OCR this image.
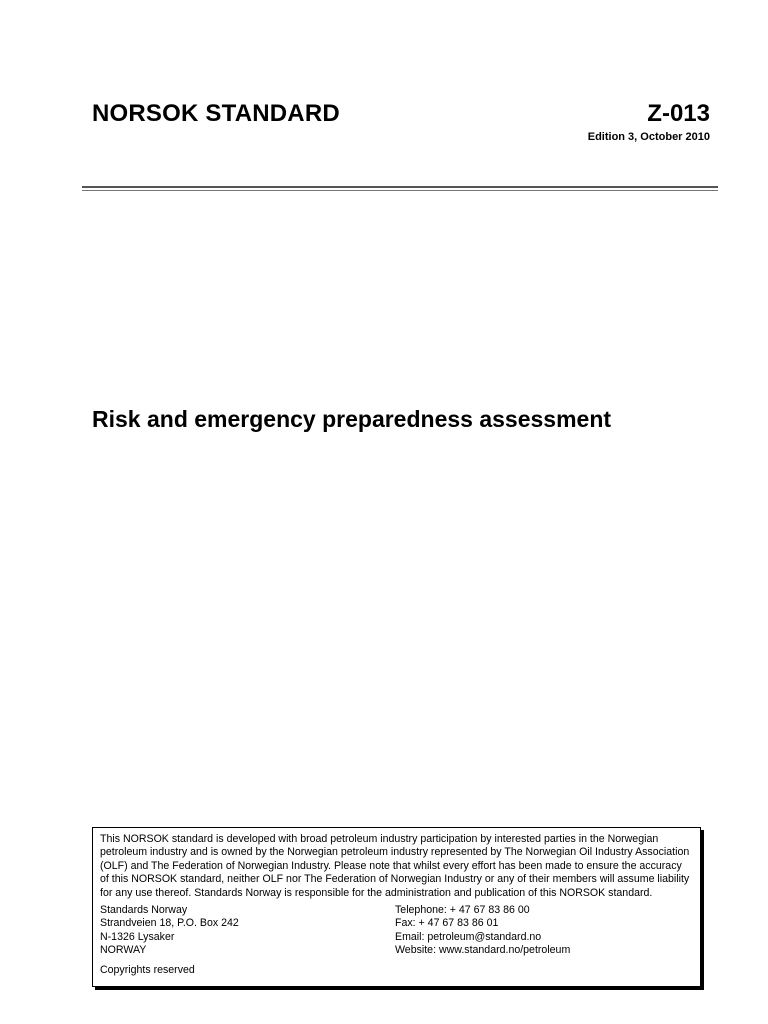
NORSOK STANDARD	Z-013
Edition 3, October 2010
Risk and emergency preparedness assessment

This NORSOK standard is developed with broad petroleum industry participation by interested parties in the Norwegian petroleum industry and is owned by the Norwegian petroleum industry represented by The Norwegian Oil Industry Association (OLF) and The Federation of Norwegian Industry. Please note that whilst every effort has been made to ensure the accuracy of this NORSOK standard, neither OLF nor The Federation of Norwegian Industry or any of their members will assume liability for any use thereof. Standards Norway is responsible for the administration and publication of this NORSOK standard.

Standards Norway	Telephone: + 47 67 83 86 00
Strandveien 18, P.O. Box 242	Fax: + 47 67 83 86 01
N-1326 Lysaker	Email: petroleum@standard.no
NORWAY	Website: www.standard.no/petroleum
Copyrights reserved
